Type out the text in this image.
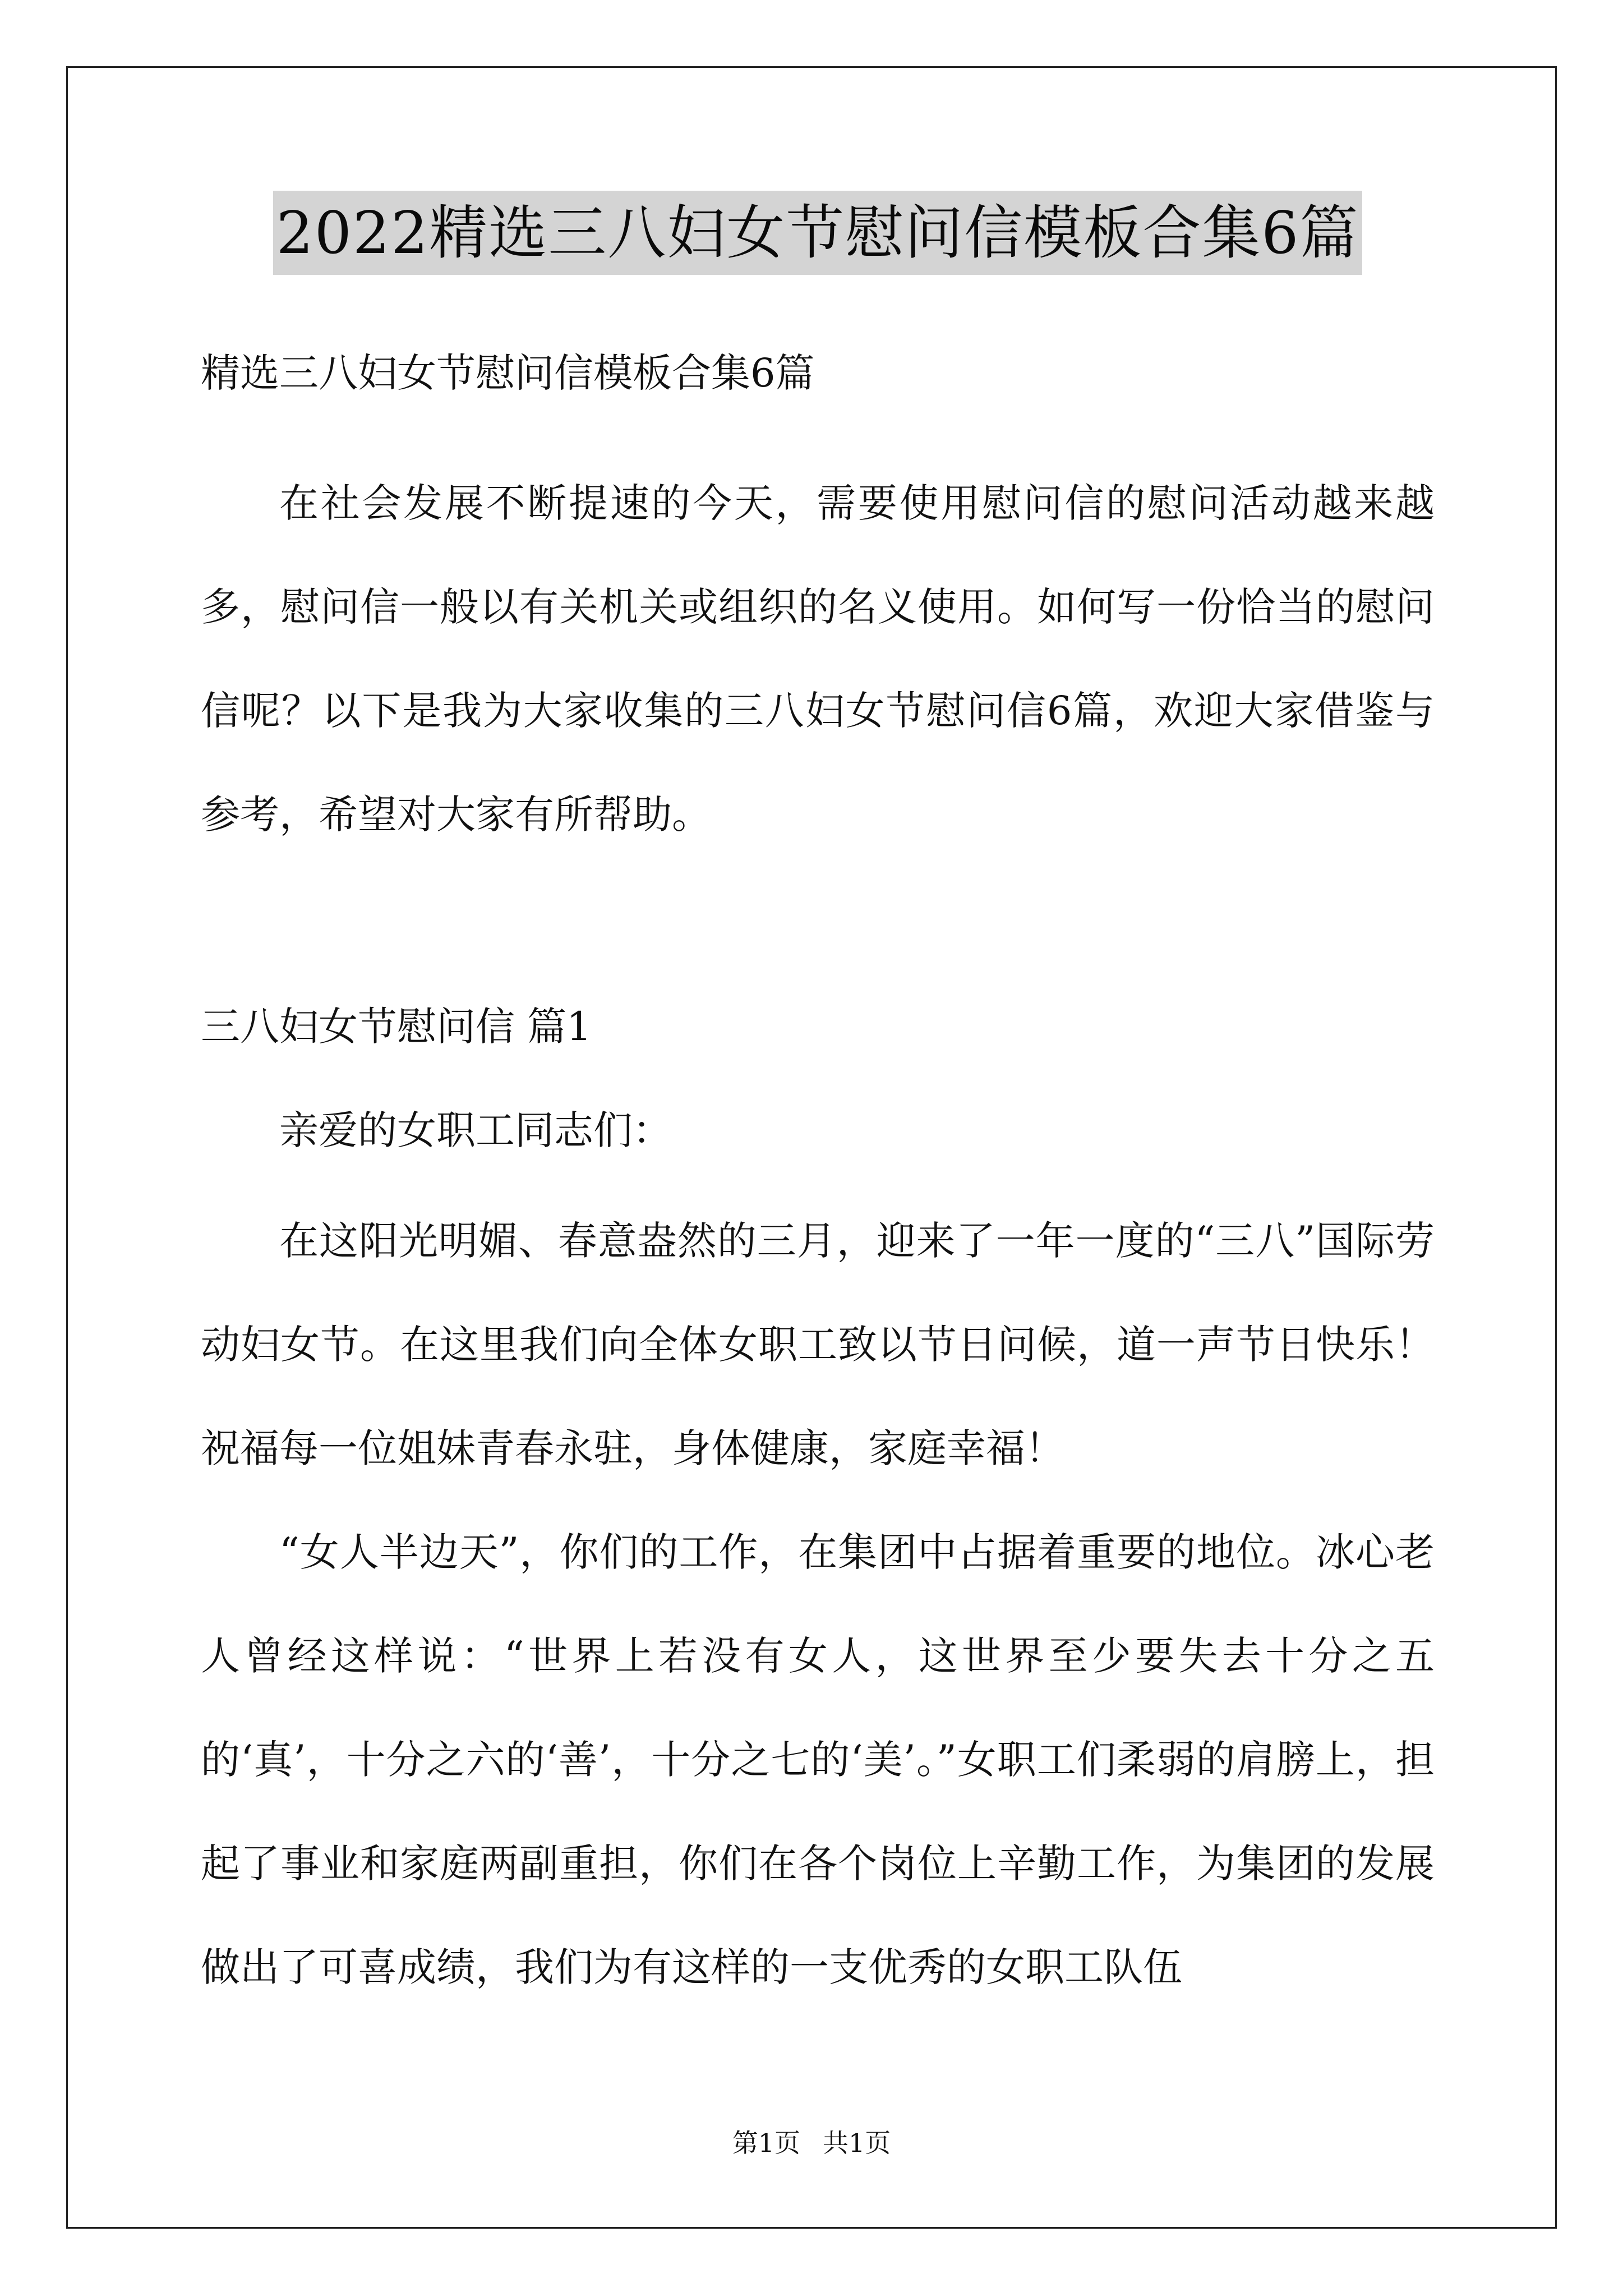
2022精选三八妇女节慰问信模板合集6篇
精选三八妇女节慰问信模板合集6篇

在社会发展不断提速的今天，需要使用慰问信的慰问活动越来越多，慰问信一般以有关机关或组织的名义使用。如何写一份恰当的慰问信呢？以下是我为大家收集的三八妇女节慰问信6篇，欢迎大家借鉴与参考，希望对大家有所帮助。

三八妇女节慰问信 篇1
亲爱的女职工同志们：

在这阳光明媚、春意盎然的三月，迎来了一年一度的“三八”国际劳动妇女节。在这里我们向全体女职工致以节日问候，道一声节日快乐！祝福每一位姐妹青春永驻，身体健康，家庭幸福！

“女人半边天”，你们的工作，在集团中占据着重要的地位。冰心老人曾经这样说：“世界上若没有女人，这世界至少要失去十分之五的‘真’，十分之六的‘善’，十分之七的‘美’。”女职工们柔弱的肩膀上，担起了事业和家庭两副重担，你们在各个岗位上辛勤工作，为集团的发展做出了可喜成绩，我们为有这样的一支优秀的女职工队伍

第1页 共1页
